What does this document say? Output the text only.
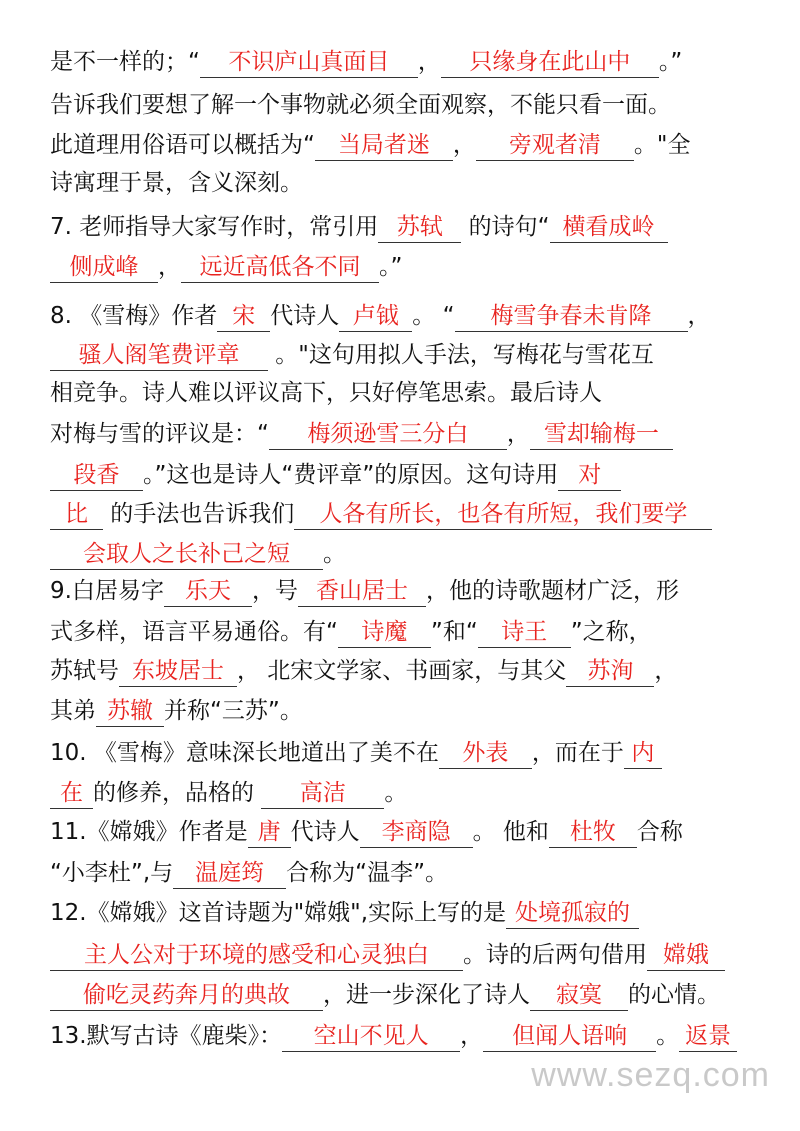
是不一样的；“ 不识庐山真面目 ， 只缘身在此山中 。”
告诉我们要想了解一个事物就必须全面观察，不能只看一面。
此道理用俗语可以概括为“ 当局者迷 ， 旁观者清 。"全
诗寓理于景，含义深刻。
7. 老师指导大家写作时，常引用 苏轼 的诗句“ 横看成岭
侧成峰 ， 远近高低各不同 。”
8. 《雪梅》作者 宋 代诗人 卢钺 。 “ 梅雪争春未肯降 ，
骚人阁笔费评章 。"这句用拟人手法，写梅花与雪花互
相竞争。诗人难以评议高下，只好停笔思索。最后诗人
对梅与雪的评议是：“ 梅须逊雪三分白 ， 雪却输梅一
段香 。”这也是诗人“费评章”的原因。这句诗用 对
比 的手法也告诉我们 人各有所长，也各有所短，我们要学
会取人之长补己之短 。
9.白居易字 乐天 ，号 香山居士 ，他的诗歌题材广泛，形
式多样，语言平易通俗。有“ 诗魔 ”和“ 诗王 ”之称，
苏轼号 东坡居士 ， 北宋文学家、书画家，与其父 苏洵 ，
其弟 苏辙 并称“三苏”。
10. 《雪梅》意味深长地道出了美不在 外表 ，而在于 内
在 的修养，品格的 高洁 。
11.《嫦娥》作者是 唐 代诗人 李商隐 。 他和 杜牧 合称
“小李杜”,与 温庭筠 合称为“温李”。
12.《嫦娥》这首诗题为"嫦娥",实际上写的是 处境孤寂的
主人公对于环境的感受和心灵独白 。诗的后两句借用 嫦娥
偷吃灵药奔月的典故 ，进一步深化了诗人 寂寞 的心情。
13.默写古诗《鹿柴》： 空山不见人 ， 但闻人语响 。 返景
www.sezq.com
